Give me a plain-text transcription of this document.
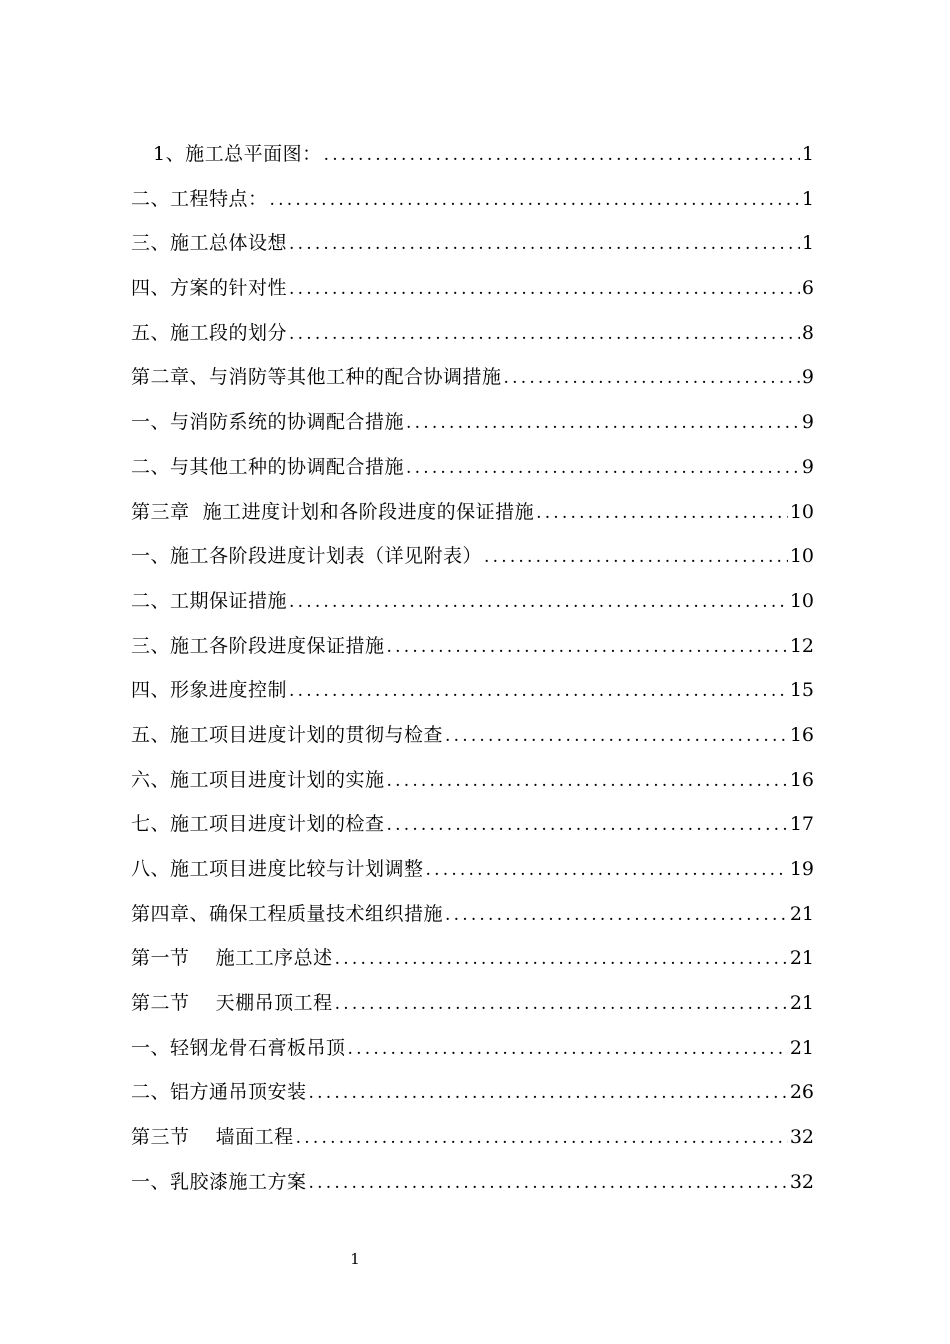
1、施工总平面图： .....	1
二、工程特点： .....	1
三、施工总体设想 .....	1
四、方案的针对性 .....	6
五、施工段的划分 .....	8
第二章、与消防等其他工种的配合协调措施 .....	9
一、与消防系统的协调配合措施 .....	9
二、与其他工种的协调配合措施 .....	9
第三章  施工进度计划和各阶段进度的保证措施 .....	10
一、施工各阶段进度计划表（详见附表） .....	10
二、工期保证措施 .....	10
三、施工各阶段进度保证措施 .....	12
四、形象进度控制 .....	15
五、施工项目进度计划的贯彻与检查 .....	16
六、施工项目进度计划的实施 .....	16
七、施工项目进度计划的检查 .....	17
八、施工项目进度比较与计划调整 .....	19
第四章、确保工程质量技术组织措施 .....	21
第一节    施工工序总述 .....	21
第二节    天棚吊顶工程 .....	21
一、轻钢龙骨石膏板吊顶 .....	21
二、铝方通吊顶安装 .....	26
第三节    墙面工程 .....	32
一、乳胶漆施工方案 .....	32
1
